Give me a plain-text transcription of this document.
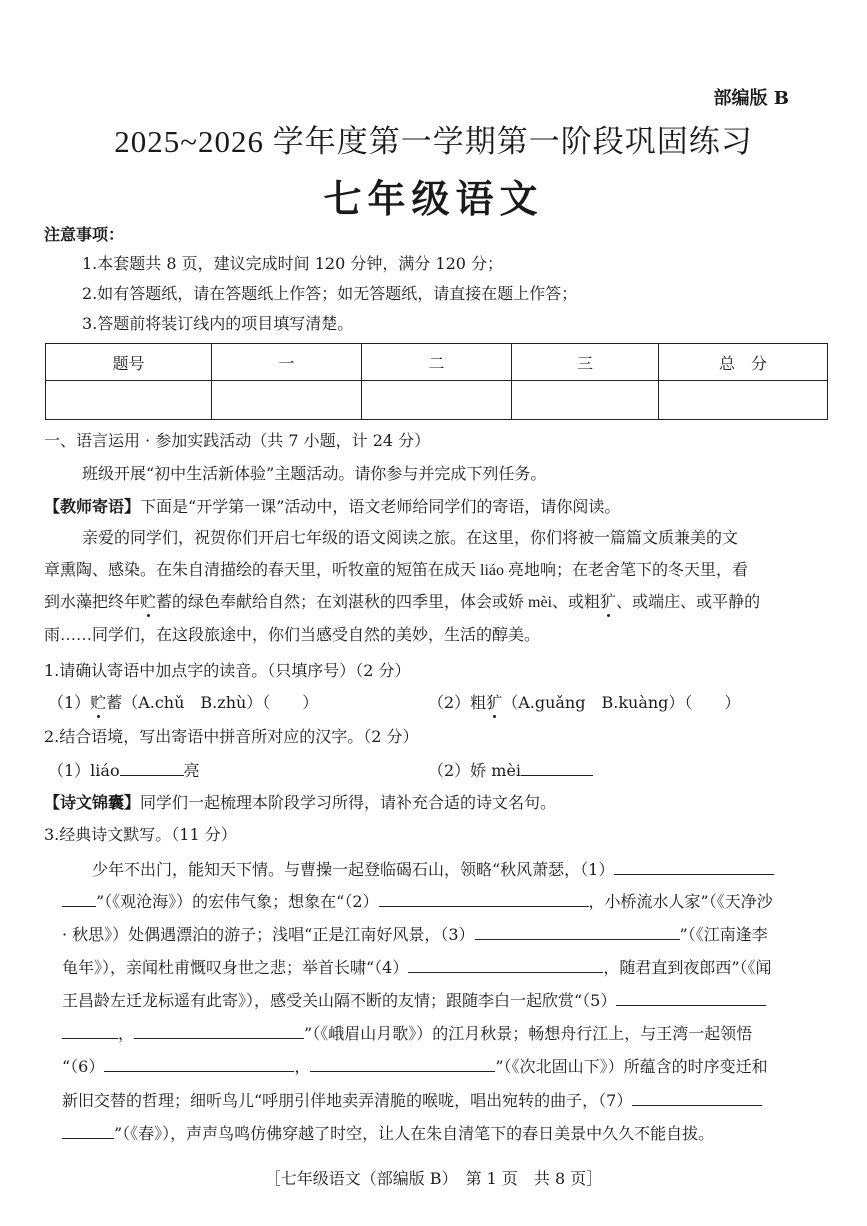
部编版 B
2025~2026 学年度第一学期第一阶段巩固练习
七年级语文
注意事项：
1.本套题共 8 页，建议完成时间 120 分钟，满分 120 分；
2.如有答题纸，请在答题纸上作答；如无答题纸，请直接在题上作答；
3.答题前将装订线内的项目填写清楚。
题号	一	二	三	总　分

一、语言运用 · 参加实践活动（共 7 小题，计 24 分）
班级开展“初中生活新体验”主题活动。请你参与并完成下列任务。
【教师寄语】下面是“开学第一课”活动中，语文老师给同学们的寄语，请你阅读。
亲爱的同学们，祝贺你们开启七年级的语文阅读之旅。在这里，你们将被一篇篇文质兼美的文
章熏陶、感染。在朱自清描绘的春天里，听牧童的短笛在成天 liáo 亮地响；在老舍笔下的冬天里，看
到水藻把终年贮蓄的绿色奉献给自然；在刘湛秋的四季里，体会或娇 mèi、或粗犷、或端庄、或平静的
雨……同学们，在这段旅途中，你们当感受自然的美妙，生活的醇美。
1.请确认寄语中加点字的读音。（只填序号）（2 分）
（1）贮蓄（A.chǔ　B.zhù）（　　）	（2）粗犷（A.guǎng　B.kuàng）（　　）
2.结合语境，写出寄语中拼音所对应的汉字。（2 分）
（1）liáo	亮	（2）娇 mèi
【诗文锦囊】同学们一起梳理本阶段学习所得，请补充合适的诗文名句。
3.经典诗文默写。（11 分）
少年不出门，能知天下情。与曹操一起登临碣石山，领略“秋风萧瑟，（1）
”（《观沧海》）的宏伟气象；想象在“（2）	，小桥流水人家”（《天净沙
· 秋思》）处偶遇漂泊的游子；浅唱“正是江南好风景，（3）	”（《江南逢李
龟年》），亲闻杜甫慨叹身世之悲；举首长啸“（4）	，随君直到夜郎西”（《闻
王昌龄左迁龙标遥有此寄》），感受关山隔不断的友情；跟随李白一起欣赏“（5）
，	”（《峨眉山月歌》）的江月秋景；畅想舟行江上，与王湾一起领悟
“（6）	，	”（《次北固山下》）所蕴含的时序变迁和
新旧交替的哲理；细听鸟儿“呼朋引伴地卖弄清脆的喉咙，唱出宛转的曲子，（7）
”（《春》），声声鸟鸣仿佛穿越了时空，让人在朱自清笔下的春日美景中久久不能自拔。
［七年级语文（部编版 B）　第 1 页　共 8 页］
